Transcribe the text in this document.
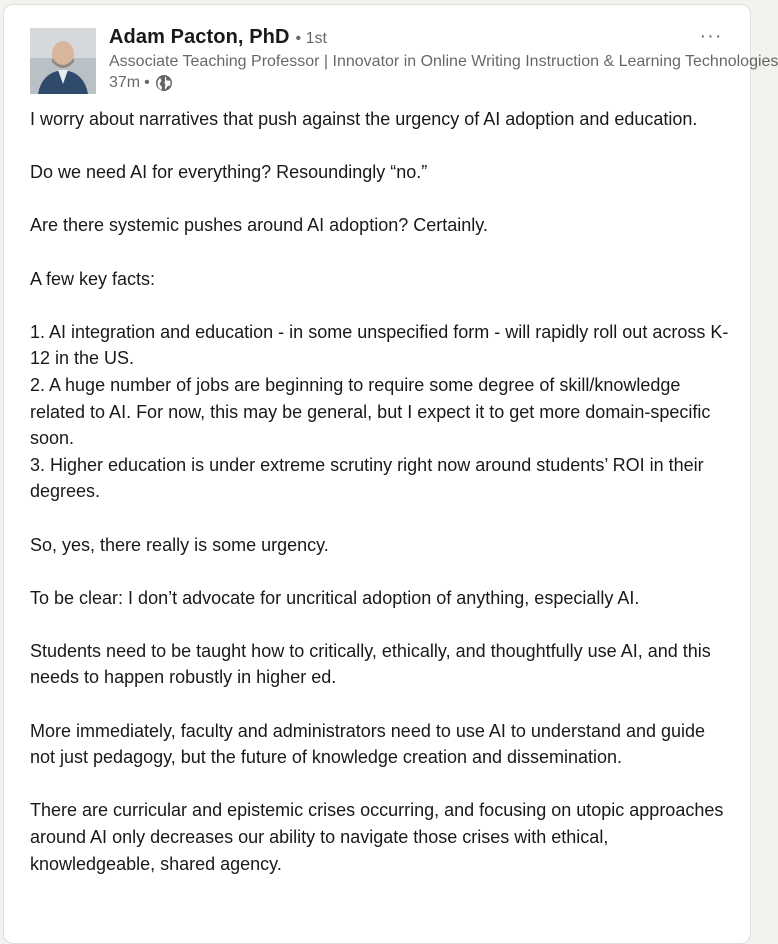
Adam Pacton, PhD • 1st
Associate Teaching Professor | Innovator in Online Writing Instruction & Learning Technologies
37m •
···

I worry about narratives that push against the urgency of AI adoption and education.

Do we need AI for everything? Resoundingly “no.”

Are there systemic pushes around AI adoption? Certainly.

A few key facts:

1. AI integration and education - in some unspecified form - will rapidly roll out across K-12 in the US.
2. A huge number of jobs are beginning to require some degree of skill/knowledge related to AI. For now, this may be general, but I expect it to get more domain-specific soon.
3. Higher education is under extreme scrutiny right now around students’ ROI in their degrees.

So, yes, there really is some urgency.

To be clear: I don’t advocate for uncritical adoption of anything, especially AI.

Students need to be taught how to critically, ethically, and thoughtfully use AI, and this needs to happen robustly in higher ed.

More immediately, faculty and administrators need to use AI to understand and guide not just pedagogy, but the future of knowledge creation and dissemination.

There are curricular and epistemic crises occurring, and focusing on utopic approaches around AI only decreases our ability to navigate those crises with ethical, knowledgeable, shared agency.
